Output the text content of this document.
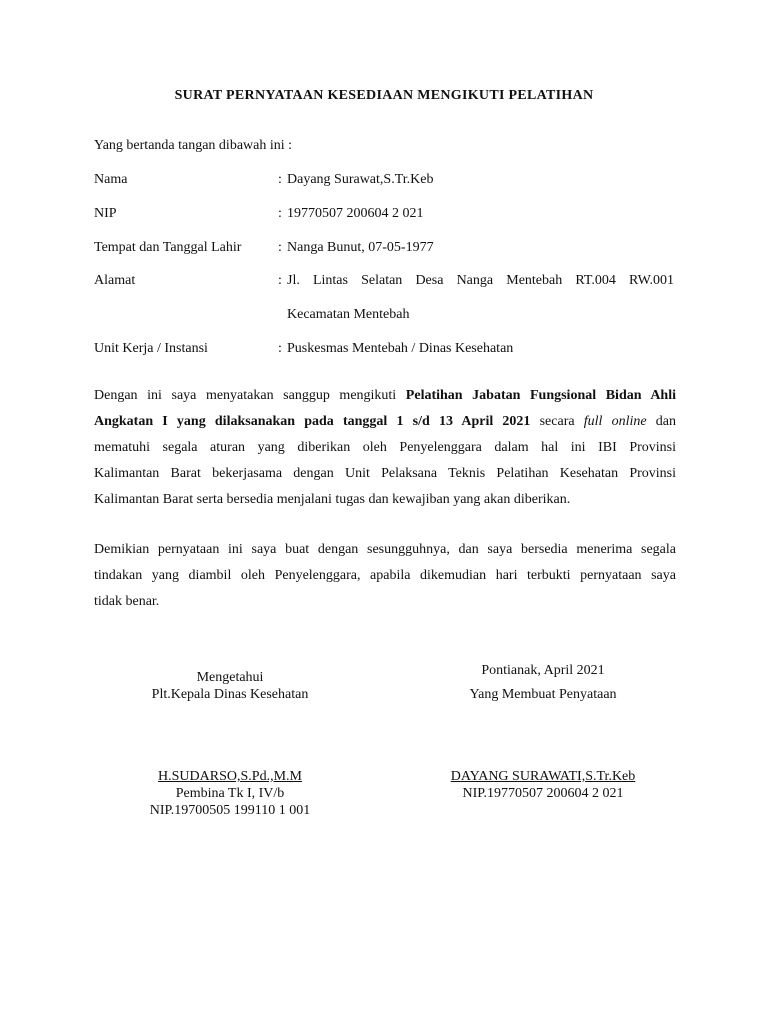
SURAT PERNYATAAN KESEDIAAN MENGIKUTI PELATIHAN
Yang bertanda tangan dibawah ini :
Nama	: Dayang Surawat,S.Tr.Keb
NIP	: 19770507 200604 2 021
Tempat dan Tanggal Lahir	: Nanga Bunut, 07-05-1977
Alamat	: Jl. Lintas Selatan Desa Nanga Mentebah RT.004 RW.001
Kecamatan Mentebah
Unit Kerja / Instansi	: Puskesmas Mentebah / Dinas Kesehatan
Dengan ini saya menyatakan sanggup mengikuti Pelatihan Jabatan Fungsional Bidan Ahli
Angkatan I yang dilaksanakan pada tanggal 1 s/d 13 April 2021 secara full online dan
mematuhi segala aturan yang diberikan oleh Penyelenggara dalam hal ini IBI Provinsi
Kalimantan Barat bekerjasama dengan Unit Pelaksana Teknis Pelatihan Kesehatan Provinsi
Kalimantan Barat serta bersedia menjalani tugas dan kewajiban yang akan diberikan.
Demikian pernyataan ini saya buat dengan sesungguhnya, dan saya bersedia menerima segala
tindakan yang diambil oleh Penyelenggara, apabila dikemudian hari terbukti pernyataan saya
tidak benar.
Mengetahui
Plt.Kepala Dinas Kesehatan
H.SUDARSO,S.Pd.,M.M
Pembina Tk I, IV/b
NIP.19700505 199110 1 001
Pontianak, April 2021
Yang Membuat Penyataan
DAYANG SURAWATI,S.Tr.Keb
NIP.19770507 200604 2 021
